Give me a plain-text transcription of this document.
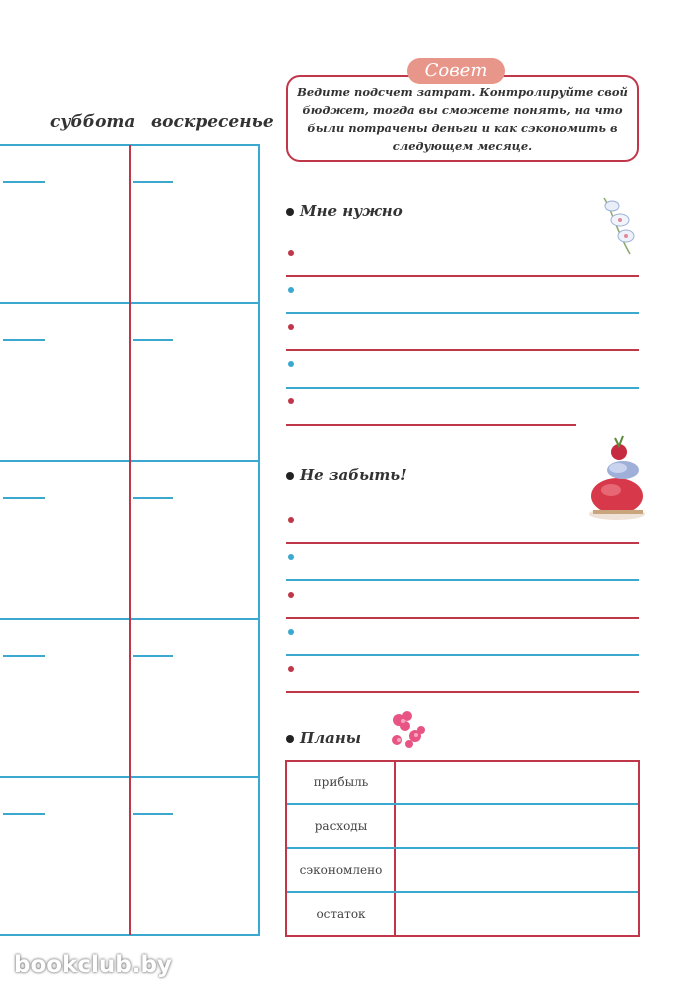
суббота воскресенье
Совет
Ведите подсчет затрат. Контролируйте свой бюджет, тогда вы сможете понять, на что были потрачены деньги и как сэкономить в следующем месяце.
Мне нужно
Не забыть!
Планы
прибыль
расходы
сэкономлено
остаток
bookclub.by
